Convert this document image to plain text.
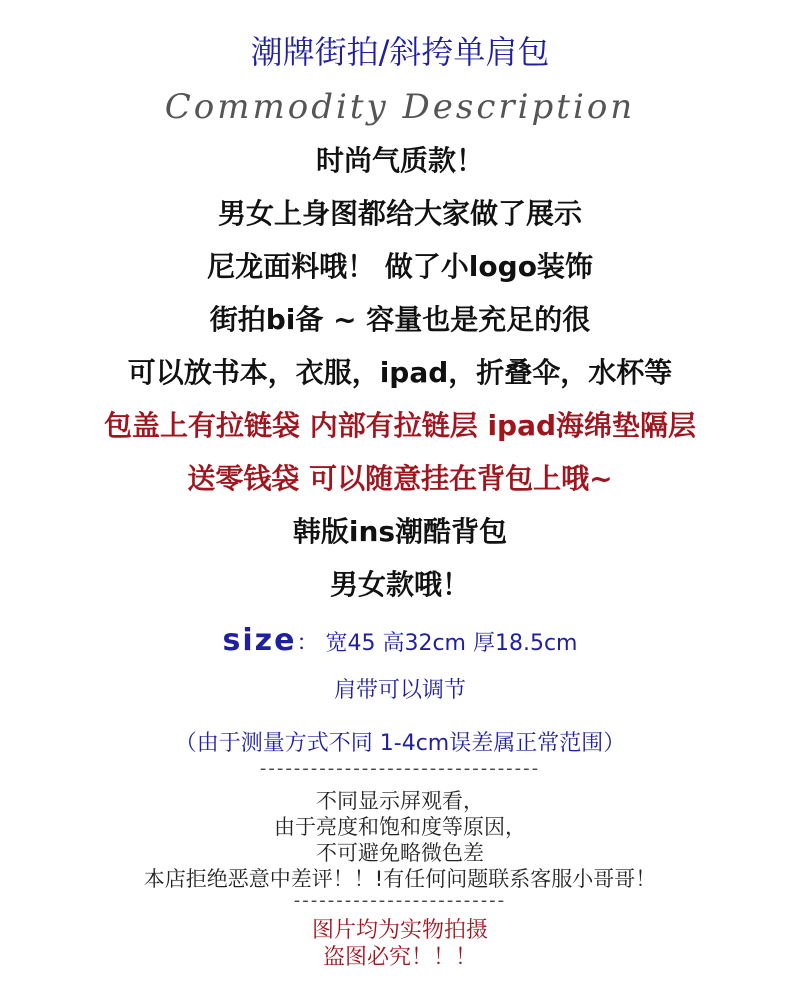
潮牌街拍/斜挎单肩包
Commodity Description
时尚气质款！
男女上身图都给大家做了展示
尼龙面料哦！ 做了小logo装饰
街拍bi备 ~ 容量也是充足的很
可以放书本，衣服，ipad，折叠伞，水杯等
包盖上有拉链袋 内部有拉链层 ipad海绵垫隔层
送零钱袋 可以随意挂在背包上哦~
韩版ins潮酷背包
男女款哦！
size： 宽45 高32cm 厚18.5cm
肩带可以调节
（由于测量方式不同 1-4cm误差属正常范围）
---------------------------------
不同显示屏观看，
由于亮度和饱和度等原因，
不可避免略微色差
本店拒绝恶意中差评！！!有任何问题联系客服小哥哥！
-------------------------
图片均为实物拍摄
盗图必究！！！
